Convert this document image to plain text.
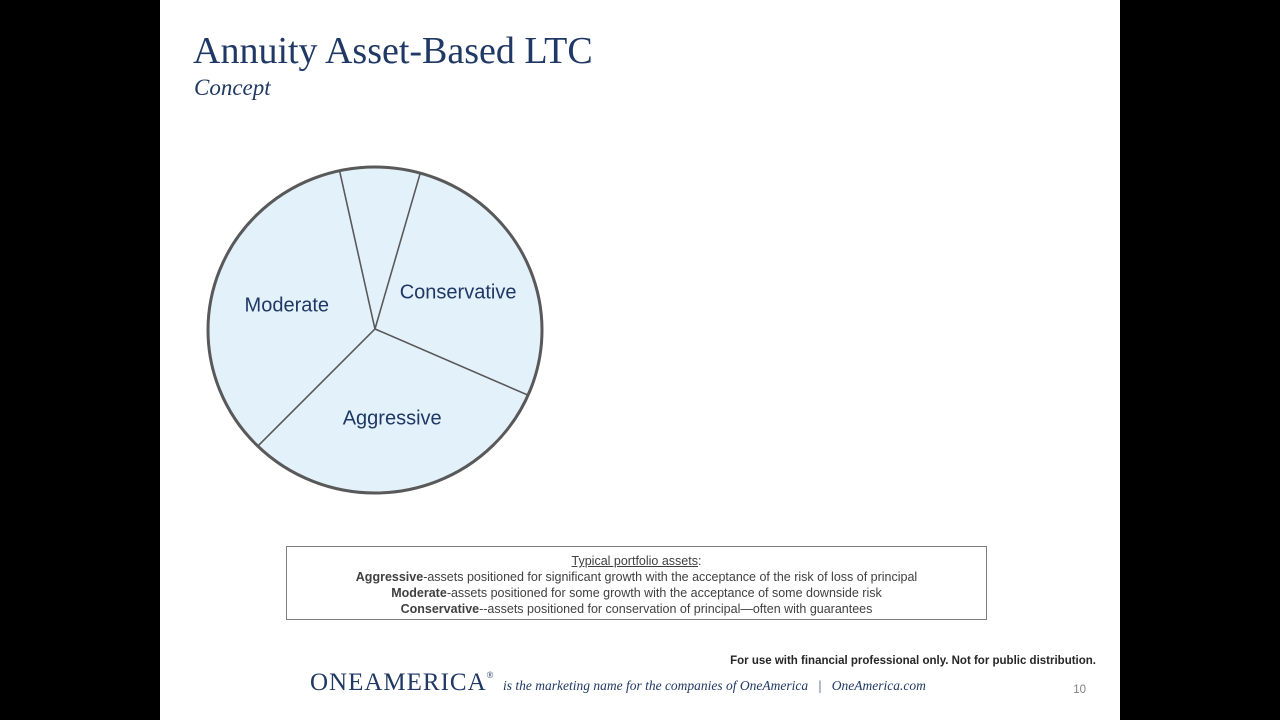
Annuity Asset-Based LTC
Concept
Moderate
Conservative
Aggressive
Typical portfolio assets:
Aggressive-assets positioned for significant growth with the acceptance of the risk of loss of principal
Moderate-assets positioned for some growth with the acceptance of some downside risk
Conservative--assets positioned for conservation of principal—often with guarantees
For use with financial professional only. Not for public distribution.
ONEAMERICA® is the marketing name for the companies of OneAmerica | OneAmerica.com	10
